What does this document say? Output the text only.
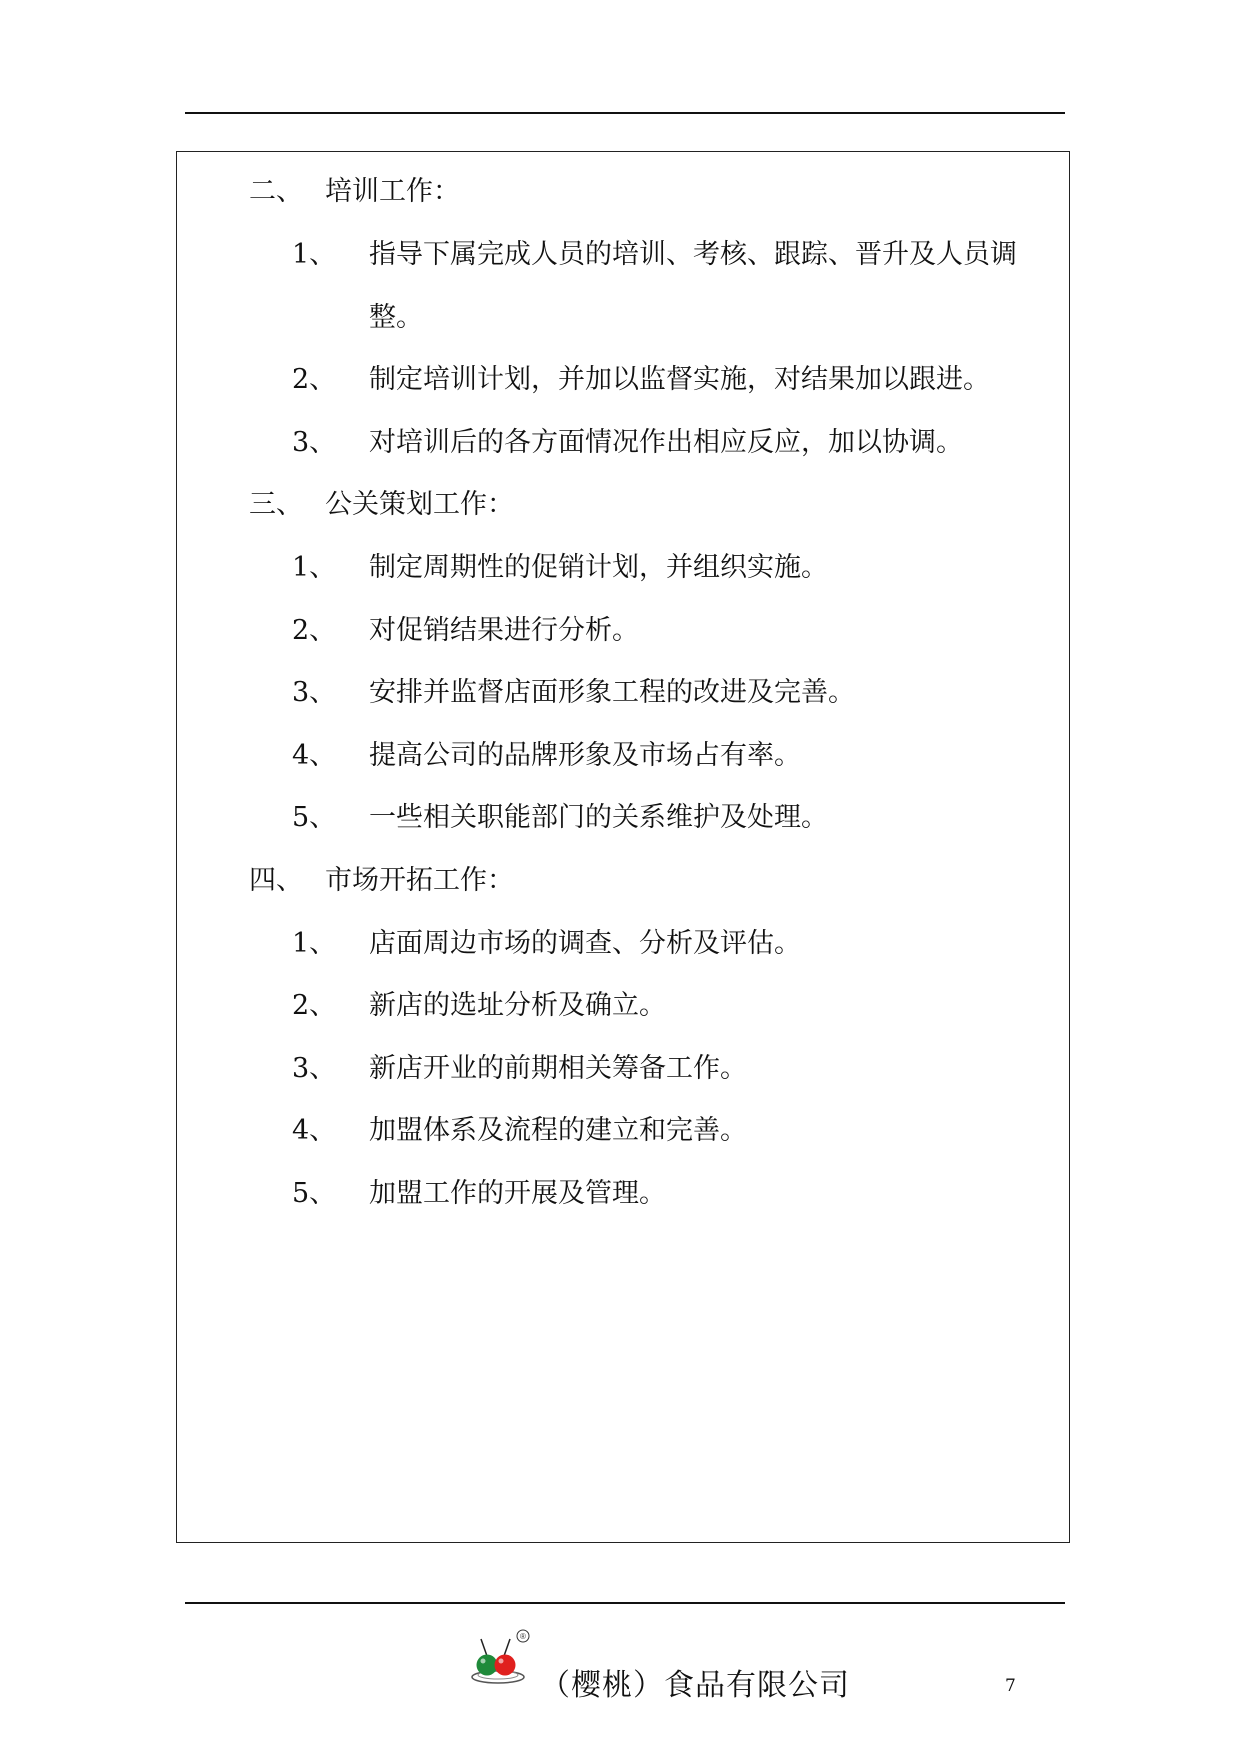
二、 培训工作：
1、 指导下属完成人员的培训、考核、跟踪、晋升及人员调
整。
2、 制定培训计划，并加以监督实施，对结果加以跟进。
3、 对培训后的各方面情况作出相应反应，加以协调。
三、 公关策划工作：
1、 制定周期性的促销计划，并组织实施。
2、 对促销结果进行分析。
3、 安排并监督店面形象工程的改进及完善。
4、 提高公司的品牌形象及市场占有率。
5、 一些相关职能部门的关系维护及处理。
四、 市场开拓工作：
1、 店面周边市场的调查、分析及评估。
2、 新店的选址分析及确立。
3、 新店开业的前期相关筹备工作。
4、 加盟体系及流程的建立和完善。
5、 加盟工作的开展及管理。
®
（樱桃）食品有限公司	7
